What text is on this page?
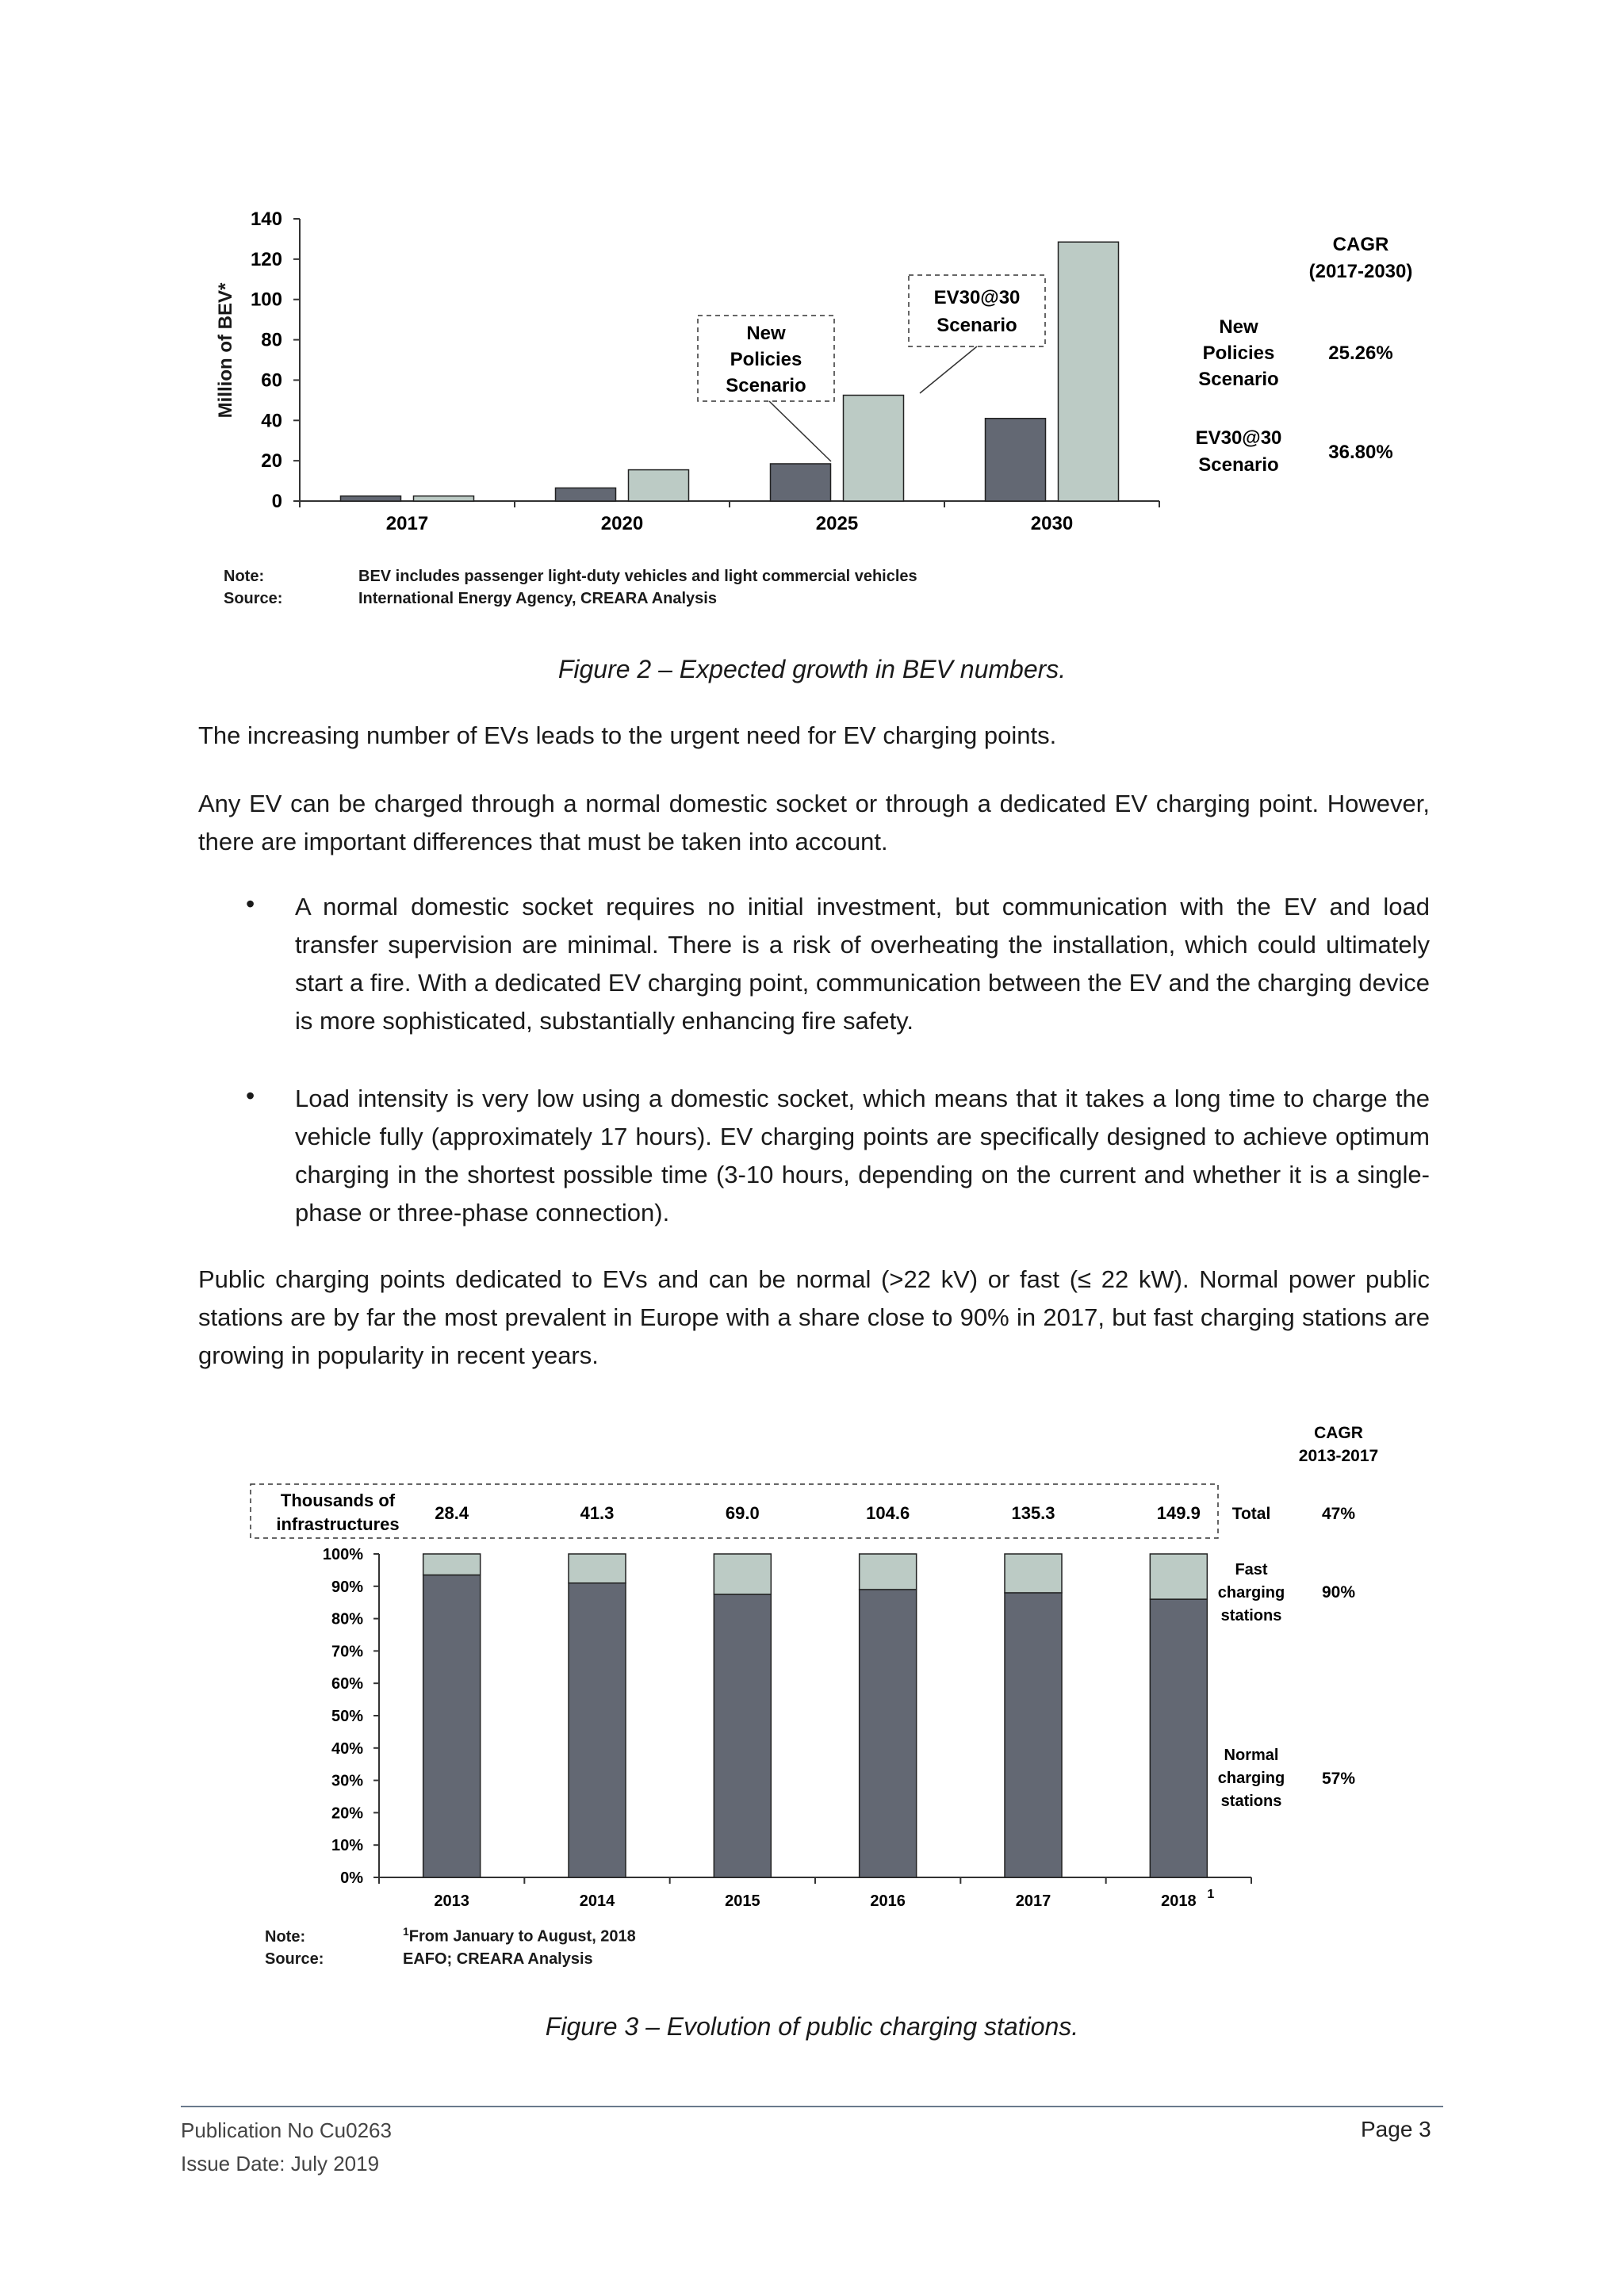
Million of BEV*
0
20
40
60
80
100
120
140
2017	2020	2025	2030
New
Policies
Scenario
EV30@30
Scenario
CAGR
(2017-2030)
New
Policies
Scenario
25.26%
EV30@30
Scenario
36.80%
Note:	BEV includes passenger light-duty vehicles and light commercial vehicles
Source:	International Energy Agency, CREARA Analysis
Figure 2 – Expected growth in BEV numbers.
The increasing number of EVs leads to the urgent need for EV charging points.
Any EV can be charged through a normal domestic socket or through a dedicated EV charging point. However, there are important differences that must be taken into account.
• A normal domestic socket requires no initial investment, but communication with the EV and load transfer supervision are minimal. There is a risk of overheating the installation, which could ultimately start a fire. With a dedicated EV charging point, communication between the EV and the charging device is more sophisticated, substantially enhancing fire safety.
• Load intensity is very low using a domestic socket, which means that it takes a long time to charge the vehicle fully (approximately 17 hours). EV charging points are specifically designed to achieve optimum charging in the shortest possible time (3-10 hours, depending on the current and whether it is a single-phase or three-phase connection).
Public charging points dedicated to EVs and can be normal (>22 kV) or fast (≤ 22 kW). Normal power public stations are by far the most prevalent in Europe with a share close to 90% in 2017, but fast charging stations are growing in popularity in recent years.
CAGR
2013-2017
Thousands of
infrastructures
28.4	41.3	69.0	104.6	135.3	149.9 Total	47%
Fast
charging
stations
90%
Normal
charging
stations
57%
0%
10%
20%
30%
40%
50%
60%
70%
80%
90%
100%
2013	2014	2015	2016	2017	2018 1
Note:	$^1$From January to August, 2018
Source:	EAFO; CREARA Analysis
Figure 3 – Evolution of public charging stations.
Publication No Cu0263
Issue Date: July 2019
Page 3
